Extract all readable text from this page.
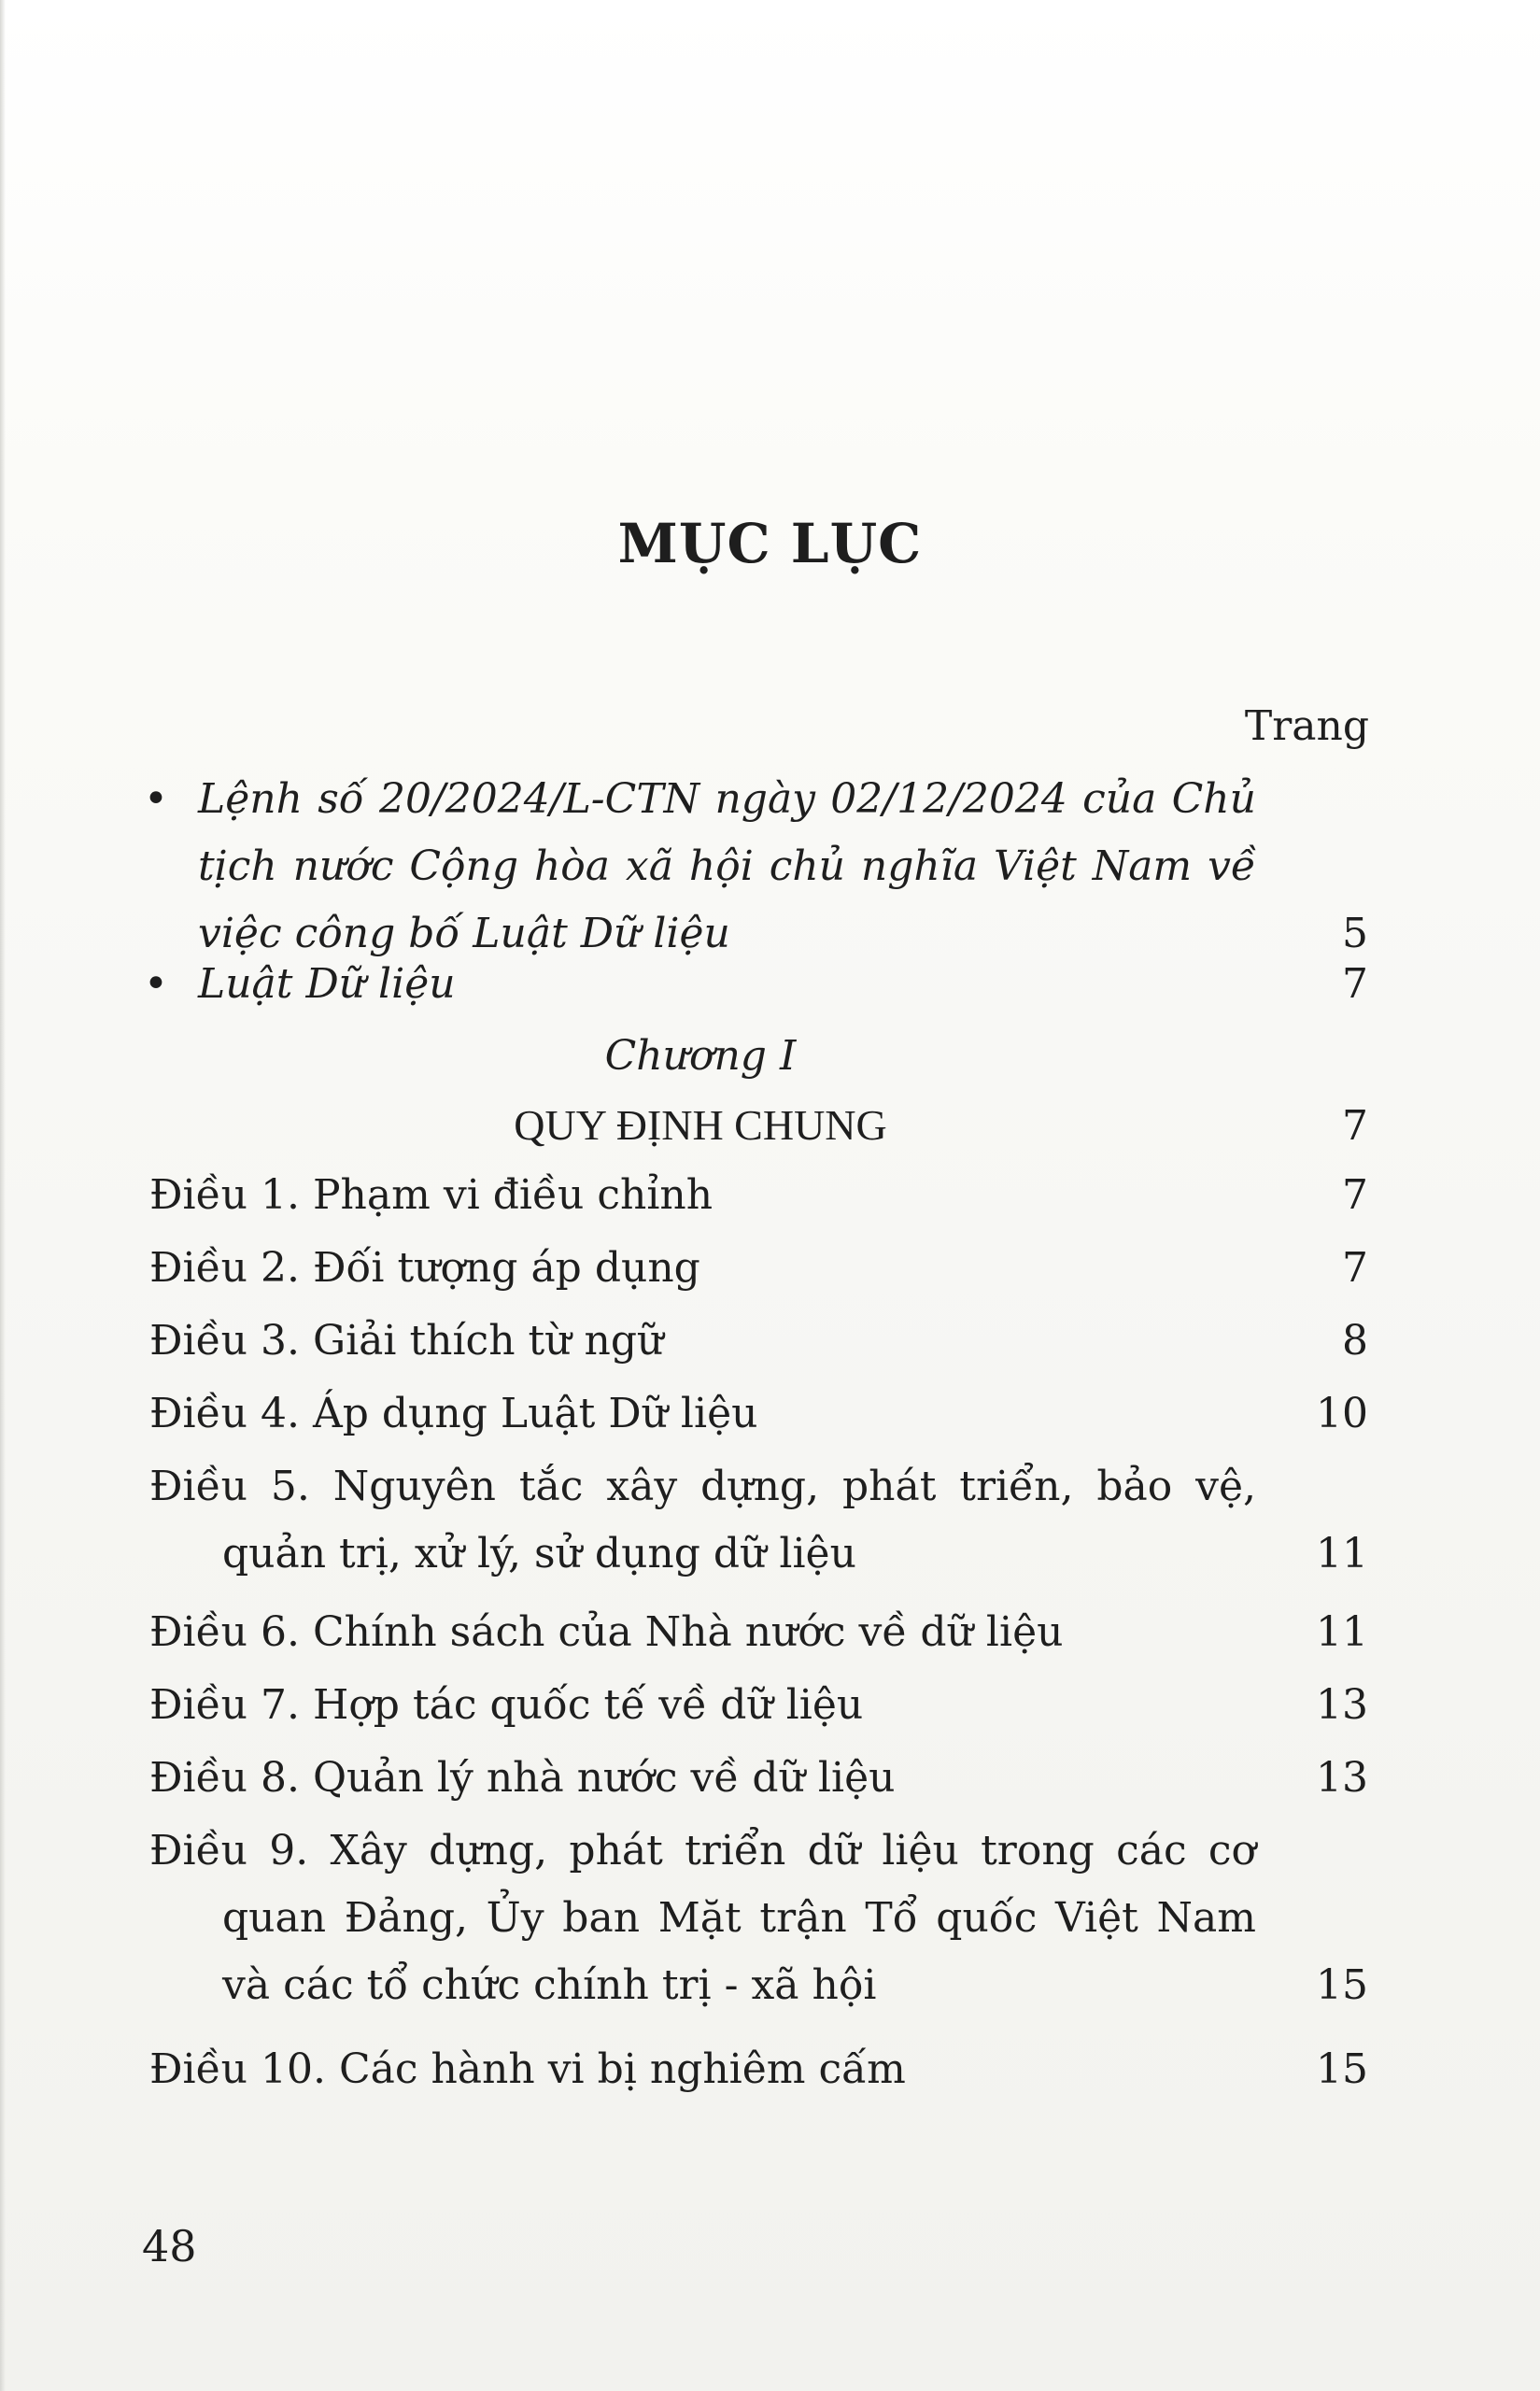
MỤC LỤC
Trang
• Lệnh số 20/2024/L-CTN ngày 02/12/2024 của Chủ tịch nước Cộng hòa xã hội chủ nghĩa Việt Nam về việc công bố Luật Dữ liệu	5
• Luật Dữ liệu	7
Chương I
QUY ĐỊNH CHUNG	7
Điều 1. Phạm vi điều chỉnh	7
Điều 2. Đối tượng áp dụng	7
Điều 3. Giải thích từ ngữ	8
Điều 4. Áp dụng Luật Dữ liệu	10
Điều 5. Nguyên tắc xây dựng, phát triển, bảo vệ, quản trị, xử lý, sử dụng dữ liệu	11
Điều 6. Chính sách của Nhà nước về dữ liệu	11
Điều 7. Hợp tác quốc tế về dữ liệu	13
Điều 8. Quản lý nhà nước về dữ liệu	13
Điều 9. Xây dựng, phát triển dữ liệu trong các cơ quan Đảng, Ủy ban Mặt trận Tổ quốc Việt Nam và các tổ chức chính trị - xã hội	15
Điều 10. Các hành vi bị nghiêm cấm	15
48
